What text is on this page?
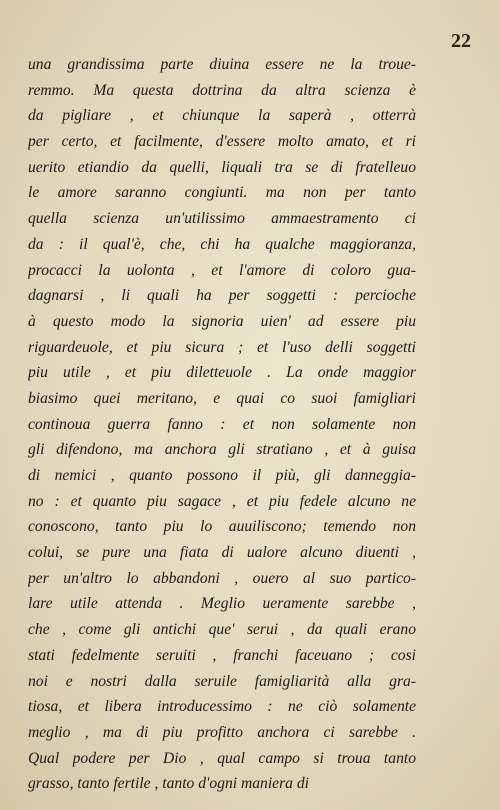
22
una grandissima parte diuina essere ne la troue-
remmo. Ma questa dottrina da altra scienza è
da pigliare , et chiunque la saperà , otterrà
per certo, et facilmente, d'essere molto amato, et ri
uerito etiandio da quelli, liquali tra se di fratelleuo
le amore saranno congiunti. ma non per tanto
quella scienza un'utilissimo ammaestramento ci
da : il qual'è, che, chi ha qualche maggioranza,
procacci la uolonta , et l'amore di coloro gua-
dagnarsi , li quali ha per soggetti : percioche
à questo modo la signoria uien' ad essere piu
riguardeuole, et piu sicura ; et l'uso delli soggetti
piu utile , et piu diletteuole . La onde maggior
biasimo quei meritano, e quai co suoi famigliari
continoua guerra fanno : et non solamente non
gli difendono, ma anchora gli stratiano , et à guisa
di nemici , quanto possono il più, gli danneggia-
no : et quanto piu sagace , et piu fedele alcuno ne
conoscono, tanto piu lo auuiliscono; temendo non
colui, se pure una fiata di ualore alcuno diuenti ,
per un'altro lo abbandoni , ouero al suo partico-
lare utile attenda . Meglio ueramente sarebbe ,
che , come gli antichi que' serui , da quali erano
stati fedelmente seruiti , franchi faceuano ; cosi
noi e nostri dalla seruile famigliarità alla gra-
tiosa, et libera introducessimo : ne ciò solamente
meglio , ma di piu profitto anchora ci sarebbe .
Qual podere per Dio , qual campo si troua tanto
grasso, tanto fertile , tanto d'ogni maniera di
